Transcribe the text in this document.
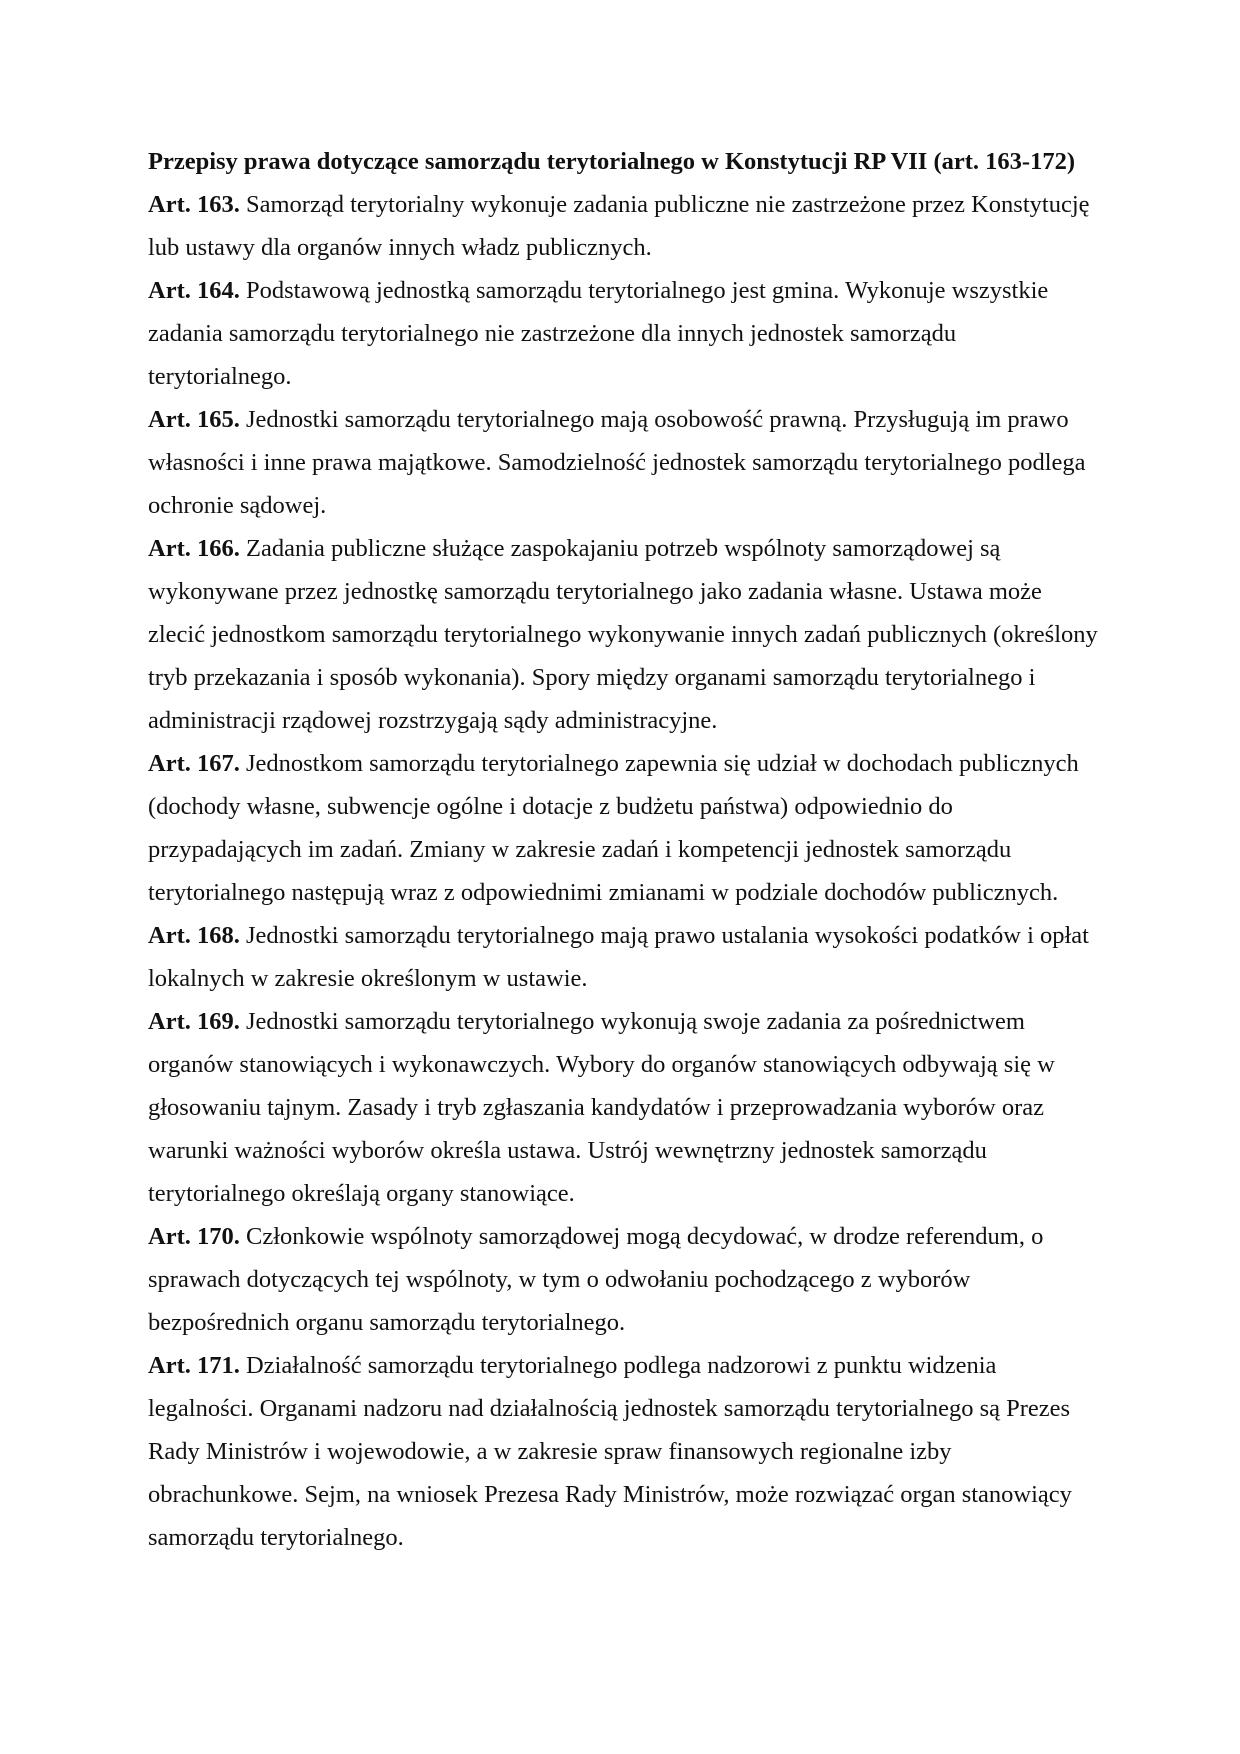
Przepisy prawa dotyczące samorządu terytorialnego w Konstytucji RP VII (art. 163-172)

Art. 163. Samorząd terytorialny wykonuje zadania publiczne nie zastrzeżone przez Konstytucję lub ustawy dla organów innych władz publicznych.

Art. 164. Podstawową jednostką samorządu terytorialnego jest gmina. Wykonuje wszystkie zadania samorządu terytorialnego nie zastrzeżone dla innych jednostek samorządu terytorialnego.

Art. 165. Jednostki samorządu terytorialnego mają osobowość prawną. Przysługują im prawo własności i inne prawa majątkowe. Samodzielność jednostek samorządu terytorialnego podlega ochronie sądowej.

Art. 166. Zadania publiczne służące zaspokajaniu potrzeb wspólnoty samorządowej są wykonywane przez jednostkę samorządu terytorialnego jako zadania własne. Ustawa może zlecić jednostkom samorządu terytorialnego wykonywanie innych zadań publicznych (określony tryb przekazania i sposób wykonania). Spory między organami samorządu terytorialnego i administracji rządowej rozstrzygają sądy administracyjne.

Art. 167. Jednostkom samorządu terytorialnego zapewnia się udział w dochodach publicznych (dochody własne, subwencje ogólne i dotacje z budżetu państwa) odpowiednio do przypadających im zadań. Zmiany w zakresie zadań i kompetencji jednostek samorządu terytorialnego następują wraz z odpowiednimi zmianami w podziale dochodów publicznych.

Art. 168. Jednostki samorządu terytorialnego mają prawo ustalania wysokości podatków i opłat lokalnych w zakresie określonym w ustawie.

Art. 169. Jednostki samorządu terytorialnego wykonują swoje zadania za pośrednictwem organów stanowiących i wykonawczych. Wybory do organów stanowiących odbywają się w głosowaniu tajnym. Zasady i tryb zgłaszania kandydatów i przeprowadzania wyborów oraz warunki ważności wyborów określa ustawa. Ustrój wewnętrzny jednostek samorządu terytorialnego określają organy stanowiące.

Art. 170. Członkowie wspólnoty samorządowej mogą decydować, w drodze referendum, o sprawach dotyczących tej wspólnoty, w tym o odwołaniu pochodzącego z wyborów bezpośrednich organu samorządu terytorialnego.

Art. 171. Działalność samorządu terytorialnego podlega nadzorowi z punktu widzenia legalności. Organami nadzoru nad działalnością jednostek samorządu terytorialnego są Prezes Rady Ministrów i wojewodowie, a w zakresie spraw finansowych regionalne izby obrachunkowe. Sejm, na wniosek Prezesa Rady Ministrów, może rozwiązać organ stanowiący samorządu terytorialnego.
